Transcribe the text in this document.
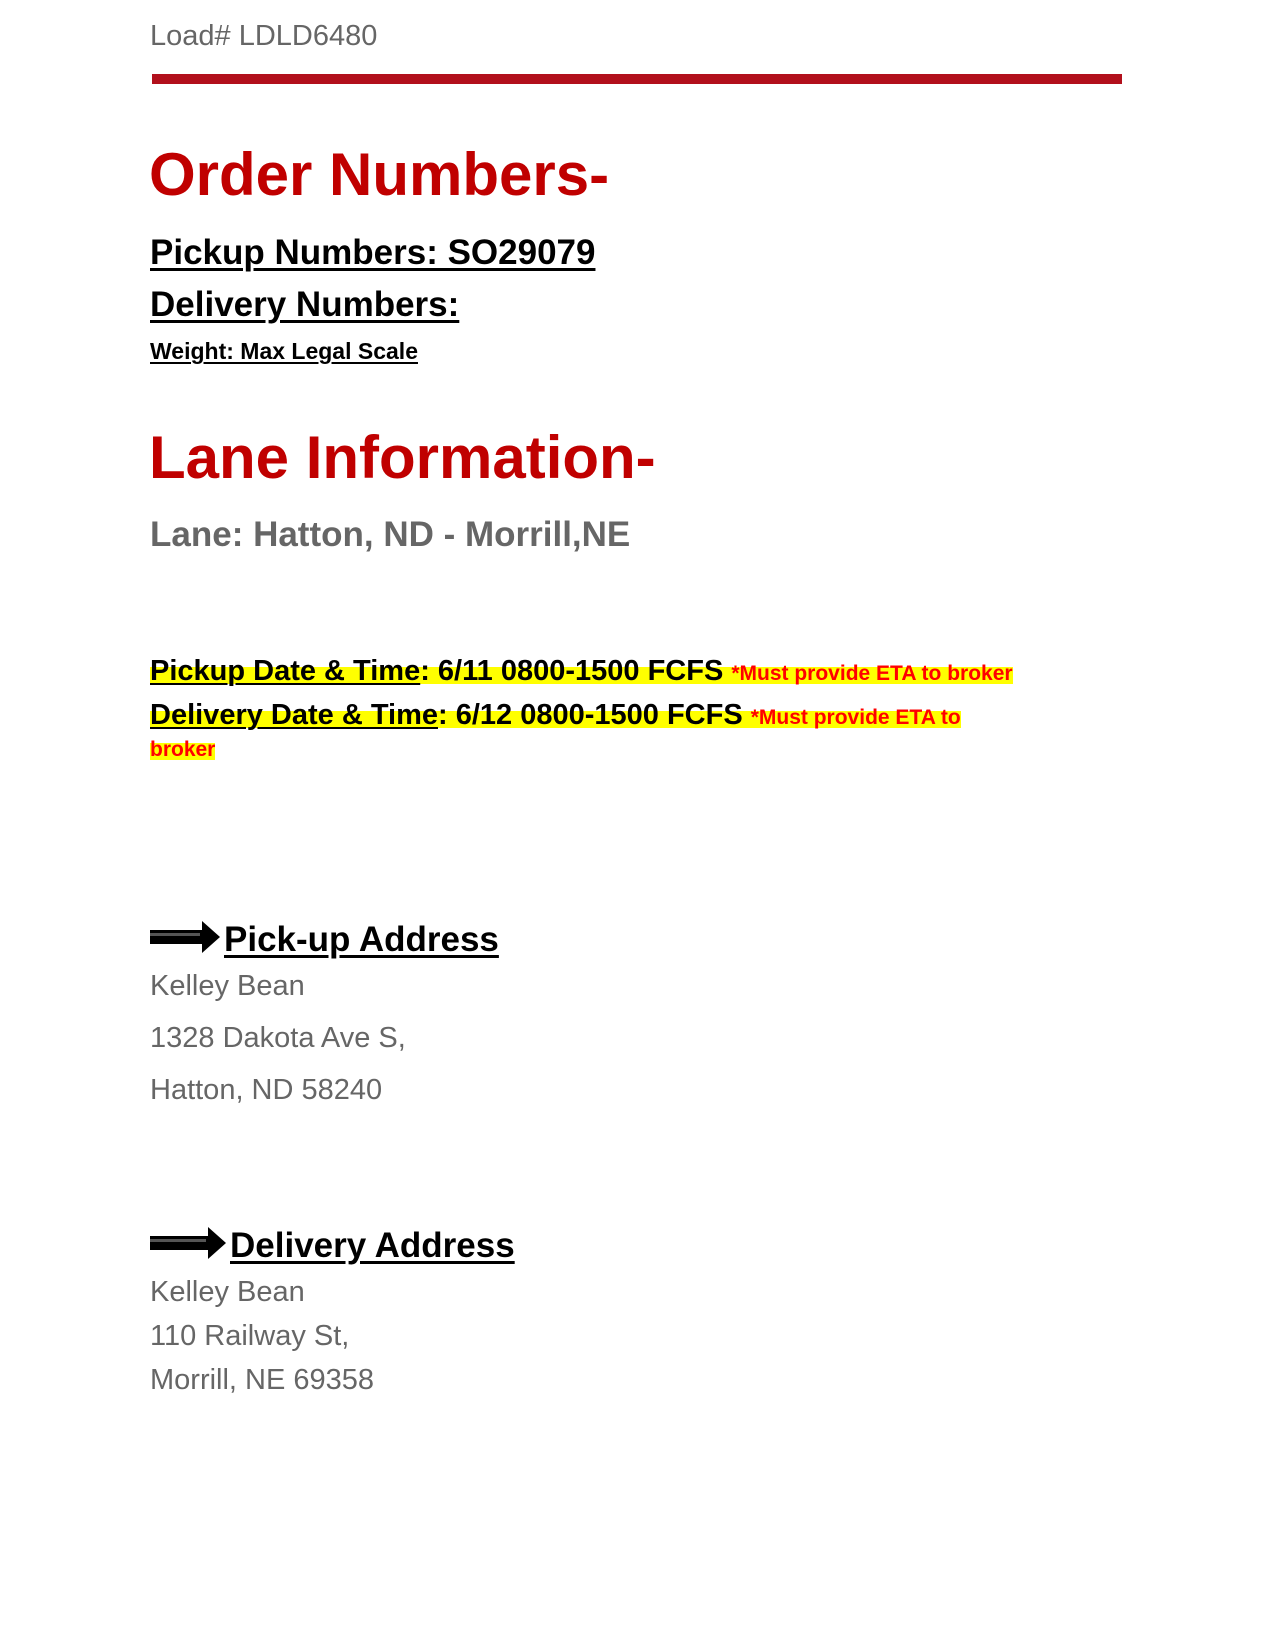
Load# LDLD6480
Order Numbers-
Pickup Numbers: SO29079
Delivery Numbers:
Weight: Max Legal Scale
Lane Information-
Lane: Hatton, ND - Morrill,NE
Pickup Date & Time: 6/11 0800-1500 FCFS *Must provide ETA to broker
Delivery Date & Time: 6/12 0800-1500 FCFS *Must provide ETA to broker
Pick-up Address
Kelley Bean
1328 Dakota Ave S,
Hatton, ND 58240
Delivery Address
Kelley Bean
110 Railway St,
Morrill, NE 69358
